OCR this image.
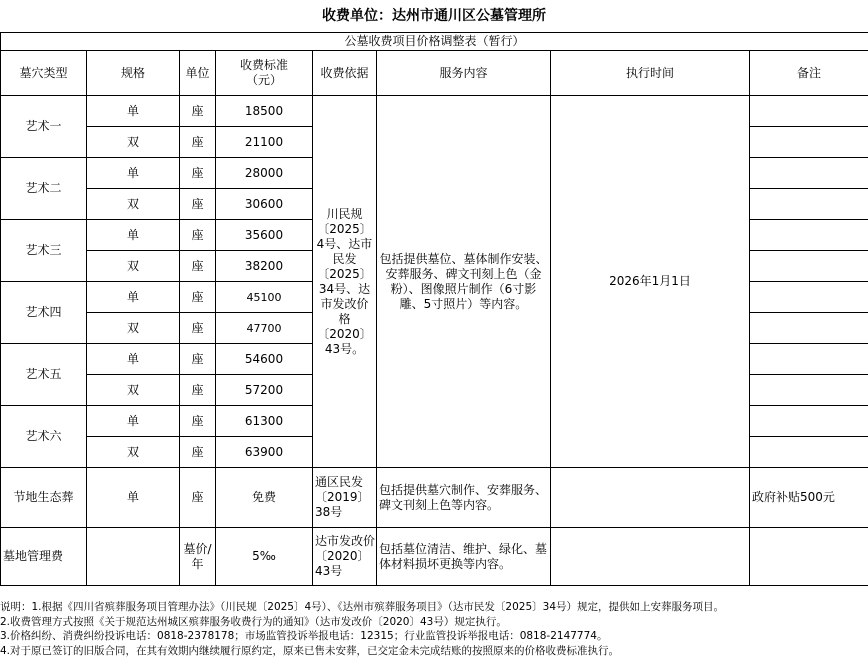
收费单位：达州市通川区公墓管理所
公墓收费项目价格调整表（暂行）							
墓穴类型	规格	单位	收费标准（元）	收费依据	服务内容	执行时间	备注
艺术一	单	座	18500	川民规〔2025〕4号、达市民发〔2025〕34号、达市发改价格〔2020〕43号。	包括提供墓位、墓体制作安装、安葬服务、碑文刊刻上色（金粉）、图像照片制作（6寸影雕、5寸照片）等内容。	2026年1月1日	
	双	座	21100				
艺术二	单	座	28000				
	双	座	30600				
艺术三	单	座	35600				
	双	座	38200				
艺术四	单	座	45100				
	双	座	47700				
艺术五	单	座	54600				
	双	座	57200				
艺术六	单	座	61300				
	双	座	63900				
节地生态葬	单	座	免费	通区民发〔2019〕38号	包括提供墓穴制作、安葬服务、碑文刊刻上色等内容。		政府补贴500元
墓地管理费		墓价/年	5‰	达市发改价〔2020〕43号	包括墓位清洁、维护、绿化、墓体材料损坏更换等内容。		
说明：1.根据《四川省殡葬服务项目管理办法》（川民规〔2025〕4号）、《达州市殡葬服务项目》（达市民发〔2025〕34号）规定，提供如上安葬服务项目。
2.收费管理方式按照《关于规范达州城区殡葬服务收费行为的通知》（达市发改价〔2020〕43号）规定执行。
3.价格纠纷、消费纠纷投诉电话：0818-2378178；市场监管投诉举报电话：12315；行业监管投诉举报电话：0818-2147774。
4.对于原已签订的旧版合同，在其有效期内继续履行原约定，原来已售未安葬，已交定金未完成结账的按照原来的价格收费标准执行。
